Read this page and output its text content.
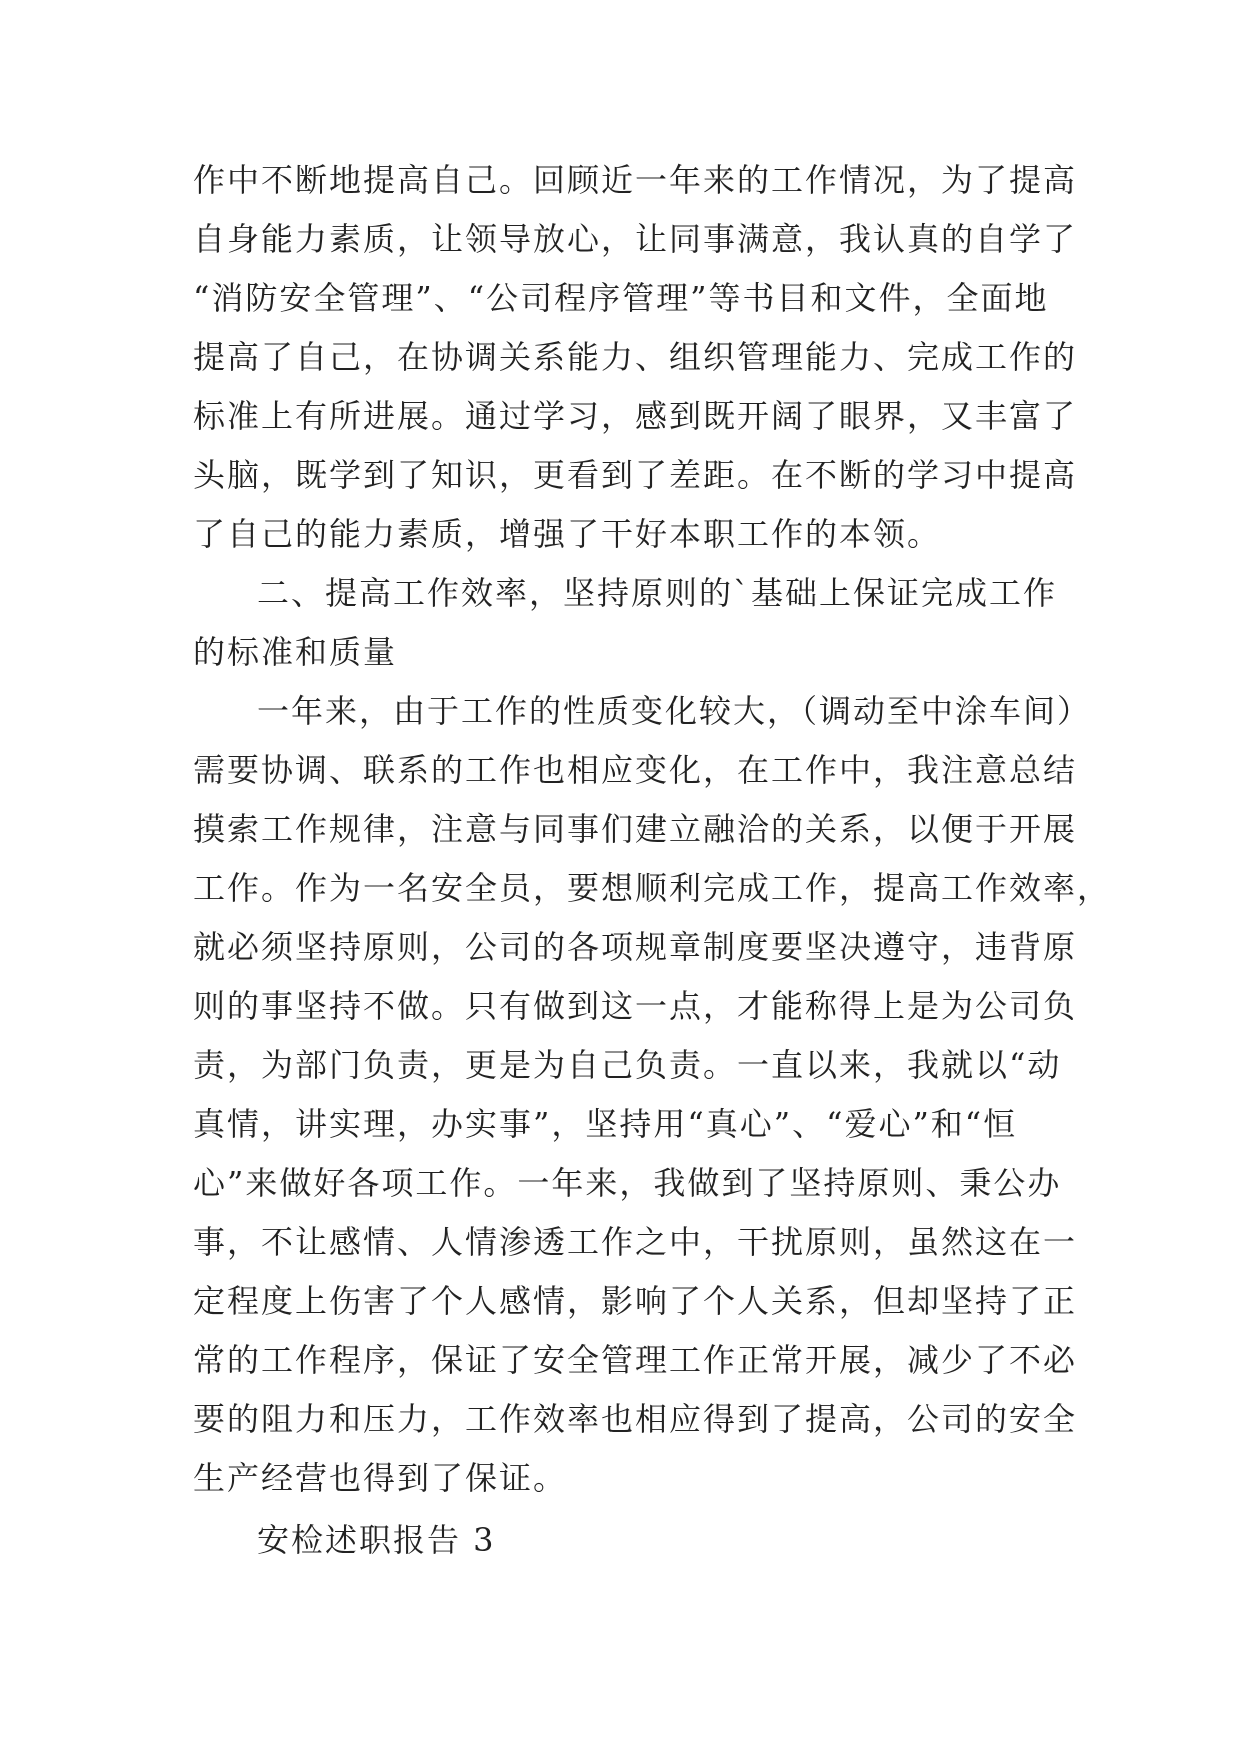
作中不断地提高自己。回顾近一年来的工作情况，为了提高
自身能力素质，让领导放心，让同事满意，我认真的自学了
“消防安全管理”、“公司程序管理”等书目和文件，全面地
提高了自己，在协调关系能力、组织管理能力、完成工作的
标准上有所进展。通过学习，感到既开阔了眼界，又丰富了
头脑，既学到了知识，更看到了差距。在不断的学习中提高
了自己的能力素质，增强了干好本职工作的本领。
二、提高工作效率，坚持原则的`基础上保证完成工作
的标准和质量
一年来，由于工作的性质变化较大，（调动至中涂车间）
需要协调、联系的工作也相应变化，在工作中，我注意总结
摸索工作规律，注意与同事们建立融洽的关系，以便于开展
工作。作为一名安全员，要想顺利完成工作，提高工作效率，
就必须坚持原则，公司的各项规章制度要坚决遵守，违背原
则的事坚持不做。只有做到这一点，才能称得上是为公司负
责，为部门负责，更是为自己负责。一直以来，我就以“动
真情，讲实理，办实事”，坚持用“真心”、“爱心”和“恒
心”来做好各项工作。一年来，我做到了坚持原则、秉公办
事，不让感情、人情渗透工作之中，干扰原则，虽然这在一
定程度上伤害了个人感情，影响了个人关系，但却坚持了正
常的工作程序，保证了安全管理工作正常开展，减少了不必
要的阻力和压力，工作效率也相应得到了提高，公司的安全
生产经营也得到了保证。
安检述职报告 3
